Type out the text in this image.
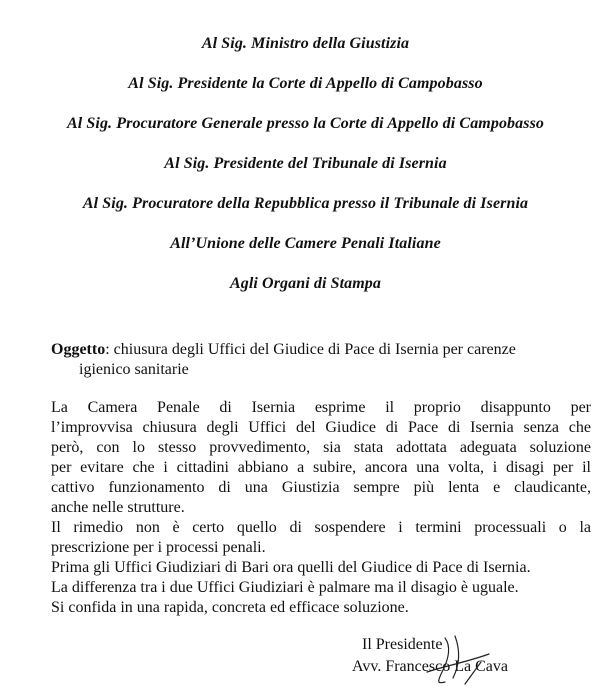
Al Sig. Ministro della Giustizia
Al Sig. Presidente la Corte di Appello di Campobasso
Al Sig. Procuratore Generale presso la Corte di Appello di Campobasso
Al Sig. Presidente del Tribunale di Isernia
Al Sig. Procuratore della Repubblica presso il Tribunale di Isernia
All’Unione delle Camere Penali Italiane
Agli Organi di Stampa
Oggetto: chiusura degli Uffici del Giudice di Pace di Isernia per carenze
igienico sanitarie
La Camera Penale di Isernia esprime il proprio disappunto per
l’improvvisa chiusura degli Uffici del Giudice di Pace di Isernia senza che
però, con lo stesso provvedimento, sia stata adottata adeguata soluzione
per evitare che i cittadini abbiano a subire, ancora una volta, i disagi per il
cattivo funzionamento di una Giustizia sempre più lenta e claudicante,
anche nelle strutture.
Il rimedio non è certo quello di sospendere i termini processuali o la
prescrizione per i processi penali.
Prima gli Uffici Giudiziari di Bari ora quelli del Giudice di Pace di Isernia.
La differenza tra i due Uffici Giudiziari è palmare ma il disagio è uguale.
Si confida in una rapida, concreta ed efficace soluzione.
Il Presidente
Avv. Francesco La Cava
